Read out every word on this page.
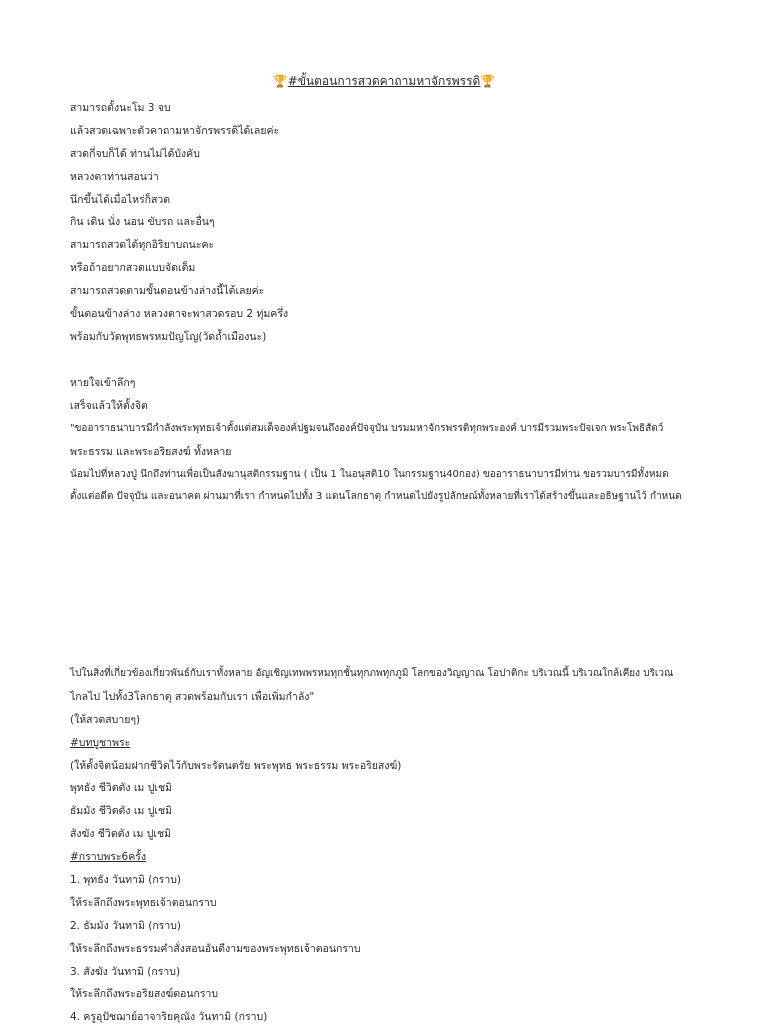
🏆#ขั้นตอนการสวดคาถามหาจักรพรรดิ🏆
สามารถตั้งนะโม 3 จบ
แล้วสวดเฉพาะตัวคาถามหาจักรพรรดิได้เลยค่ะ
สวดกี่จบก็ได้ ท่านไม่ได้บังคับ
หลวงตาท่านสอนว่า
นึกขึ้นได้เมื่อไหร่ก็สวด
กิน เดิน นั่ง นอน ขับรถ และอื่นๆ
สามารถสวดได้ทุกอิริยาบถนะคะ
หรือถ้าอยากสวดแบบจัดเต็ม
สามารถสวดตามขั้นตอนข้างล่างนี้ได้เลยค่ะ
ขั้นตอนข้างล่าง หลวงตาจะพาสวดรอบ 2 ทุ่มครึ่ง
พร้อมกับวัดพุทธพรหมปัญโญ(วัดถ้ำเมืองนะ)
หายใจเข้าลึกๆ
เสร็จแล้วให้ตั้งจิต
"ขออาราธนาบารมีกำลังพระพุทธเจ้าตั้งแต่สมเด็จองค์ปฐมจนถึงองค์ปัจจุบัน บรมมหาจักรพรรดิทุกพระองค์ บารมีรวมพระปัจเจก พระโพธิสัตว์
พระธรรม และพระอริยสงฆ์ ทั้งหลาย
น้อมไปที่หลวงปู่ นึกถึงท่านเพื่อเป็นสังฆานุสติกรรมฐาน ( เป็น 1 ในอนุสติ10 ในกรรมฐาน40กอง) ขออาราธนาบารมีท่าน ขอรวมบารมีทั้งหมด
ตั้งแต่อดีต ปัจจุบัน และอนาคต ผ่านมาที่เรา กำหนดไปทั้ง 3 แดนโลกธาตุ กำหนดไปยังรูปลักษณ์ทั้งหลายที่เราได้สร้างขึ้นและอธิษฐานไว้ กำหนด
ไปในสิ่งที่เกี่ยวข้องเกี่ยวพันธ์กับเราทั้งหลาย อัญเชิญเทพพรหมทุกชั้นทุกภพทุกภูมิ โลกของวิญญาณ โอปาติกะ บริเวณนี้ บริเวณใกล้เคียง บริเวณ
ไกลไป ไปทั้ง3โลกธาตุ สวดพร้อมกับเรา เพื่อเพิ่มกำลัง"
(ให้สวดสบายๆ)
#บทบูชาพระ
(ให้ตั้งจิตน้อมฝากชีวิตไว้กับพระรัตนตรัย พระพุทธ พระธรรม พระอริยสงฆ์)
พุทธัง ชีวิตตัง เม ปูเชมิ
ธัมมัง ชีวิตตัง เม ปูเชมิ
สังฆัง ชีวิตตัง เม ปูเชมิ
#กราบพระ6ครั้ง
1. พุทธัง วันทามิ (กราบ)
ให้ระลึกถึงพระพุทธเจ้าตอนกราบ
2. ธัมมัง วันทามิ (กราบ)
ให้ระลึกถึงพระธรรมคำสั่งสอนอันดีงามของพระพุทธเจ้าตอนกราบ
3. สังฆัง วันทามิ (กราบ)
ให้ระลึกถึงพระอริยสงฆ์ตอนกราบ
4. ครูอุปัชฌาย์อาจาริยคุณัง วันทามิ (กราบ)
